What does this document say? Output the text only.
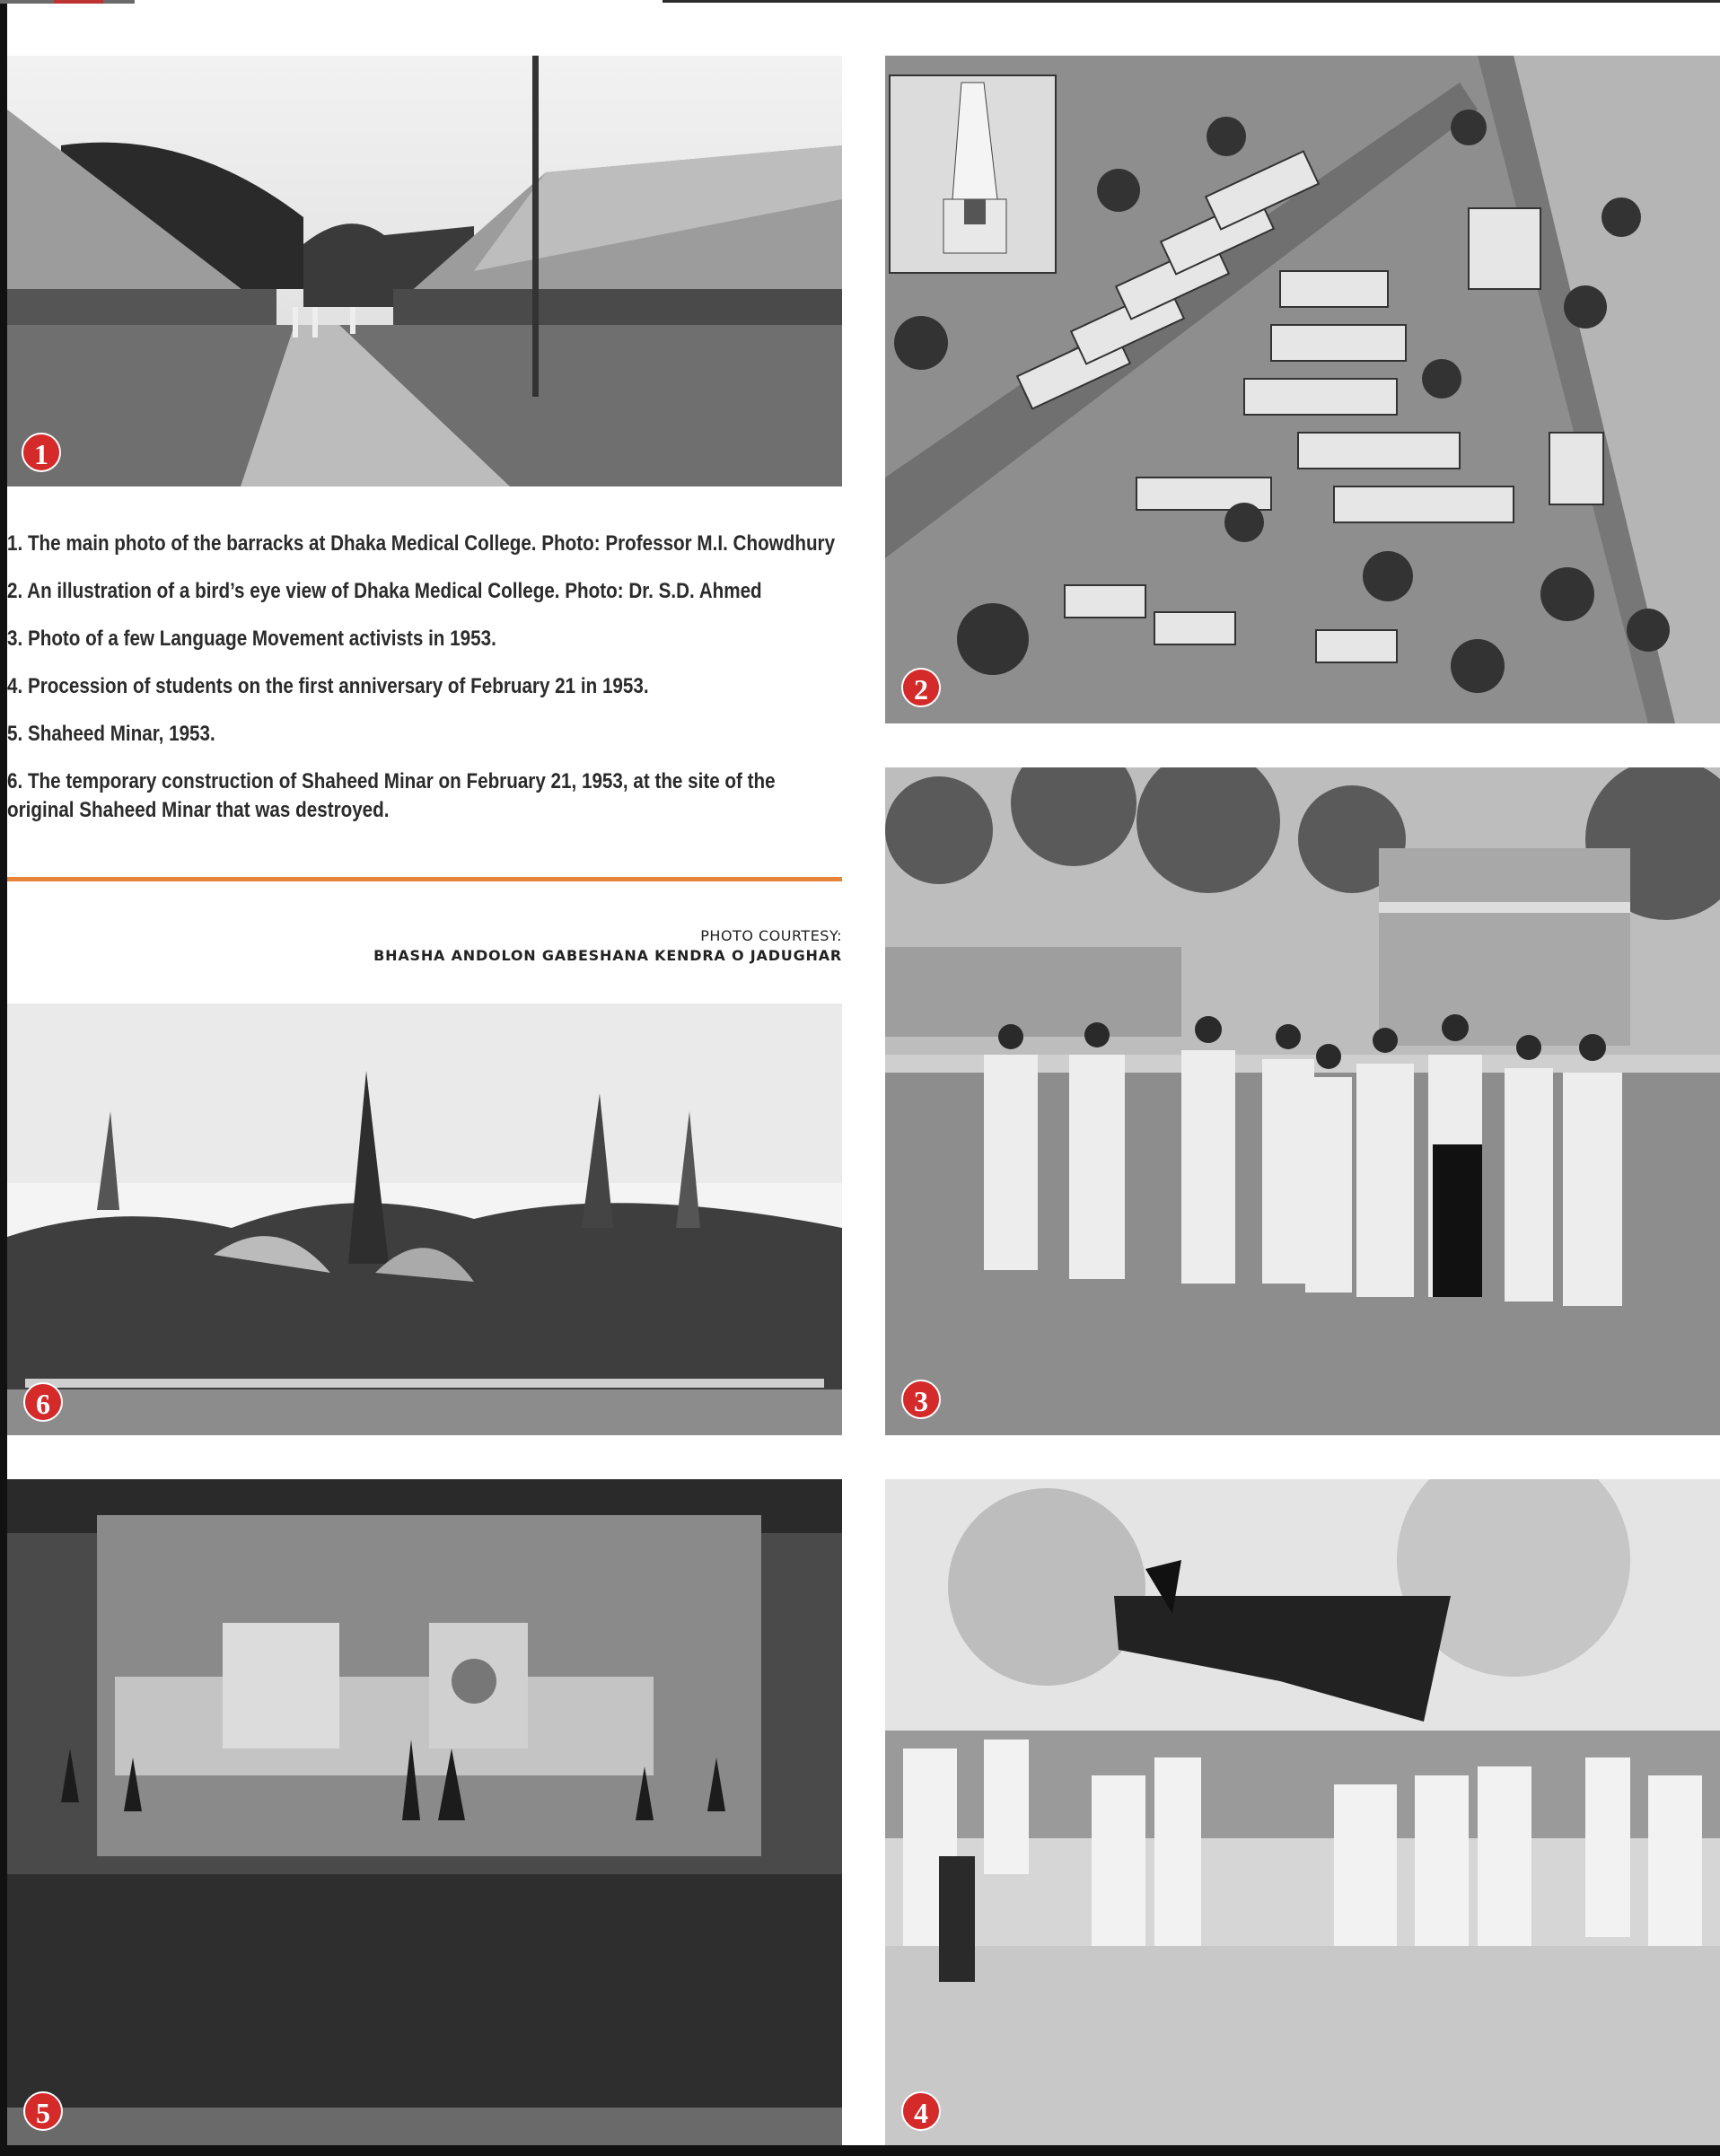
1
2
3
4
5
6

1. The main photo of the barracks at Dhaka Medical College. Photo: Professor M.I. Chowdhury

2. An illustration of a bird’s eye view of Dhaka Medical College. Photo: Dr. S.D. Ahmed

3. Photo of a few Language Movement activists in 1953.

4. Procession of students on the first anniversary of February 21 in 1953.

5. Shaheed Minar, 1953.

6. The temporary construction of Shaheed Minar on February 21, 1953, at the site of the original Shaheed Minar that was destroyed.

PHOTO COURTESY:
BHASHA ANDOLON GABESHANA KENDRA O JADUGHAR
